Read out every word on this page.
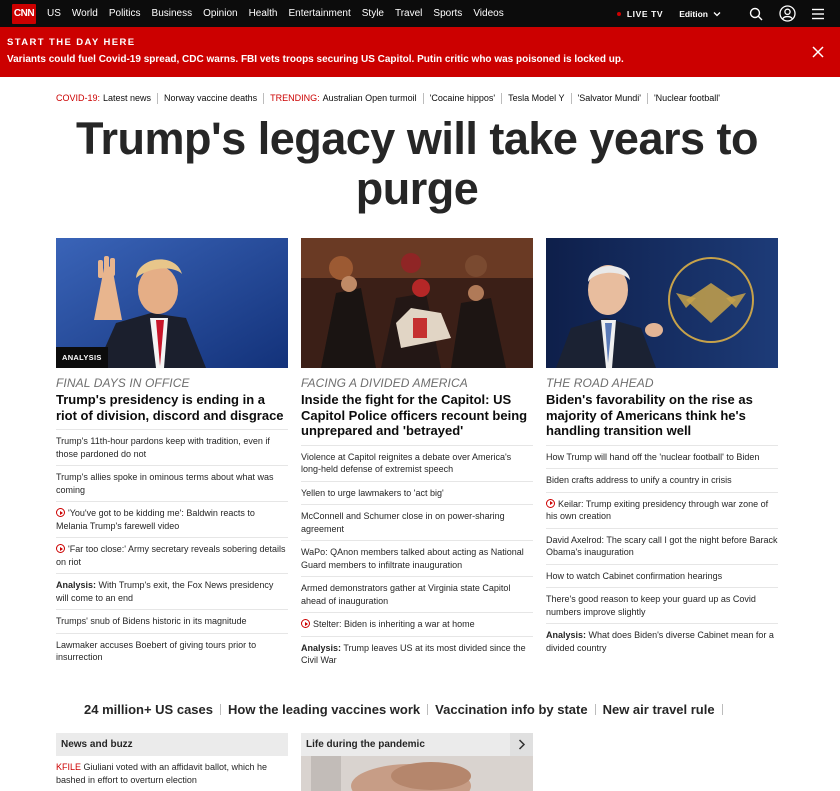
CNN US World Politics Business Opinion Health Entertainment Style Travel Sports Videos	LIVE TV Edition
START THE DAY HERE
Variants could fuel Covid-19 spread, CDC warns. FBI vets troops securing US Capitol. Putin critic who was poisoned is locked up.
COVID-19: Latest news Norway vaccine deaths TRENDING: Australian Open turmoil 'Cocaine hippos' Tesla Model Y 'Salvator Mundi' 'Nuclear football'
Trump's legacy will take years to purge
ANALYSIS
FINAL DAYS IN OFFICE
Trump's presidency is ending in a riot of division, discord and disgrace
Trump's 11th-hour pardons keep with tradition, even if those pardoned do not
Trump's allies spoke in ominous terms about what was coming
'You've got to be kidding me': Baldwin reacts to Melania Trump's farewell video
'Far too close:' Army secretary reveals sobering details on riot
Analysis: With Trump's exit, the Fox News presidency will come to an end
Trumps' snub of Bidens historic in its magnitude
Lawmaker accuses Boebert of giving tours prior to insurrection
FACING A DIVIDED AMERICA
Inside the fight for the Capitol: US Capitol Police officers recount being unprepared and 'betrayed'
Violence at Capitol reignites a debate over America's long-held defense of extremist speech
Yellen to urge lawmakers to 'act big'
McConnell and Schumer close in on power-sharing agreement
WaPo: QAnon members talked about acting as National Guard members to infiltrate inauguration
Armed demonstrators gather at Virginia state Capitol ahead of inauguration
Stelter: Biden is inheriting a war at home
Analysis: Trump leaves US at its most divided since the Civil War
THE ROAD AHEAD
Biden's favorability on the rise as majority of Americans think he's handling transition well
How Trump will hand off the 'nuclear football' to Biden
Biden crafts address to unify a country in crisis
Keilar: Trump exiting presidency through war zone of his own creation
David Axelrod: The scary call I got the night before Barack Obama's inauguration
How to watch Cabinet confirmation hearings
There's good reason to keep your guard up as Covid numbers improve slightly
Analysis: What does Biden's diverse Cabinet mean for a divided country
24 million+ US cases How the leading vaccines work Vaccination info by state New air travel rule
News and buzz
KFILE Giuliani voted with an affidavit ballot, which he bashed in effort to overturn election
Life during the pandemic
